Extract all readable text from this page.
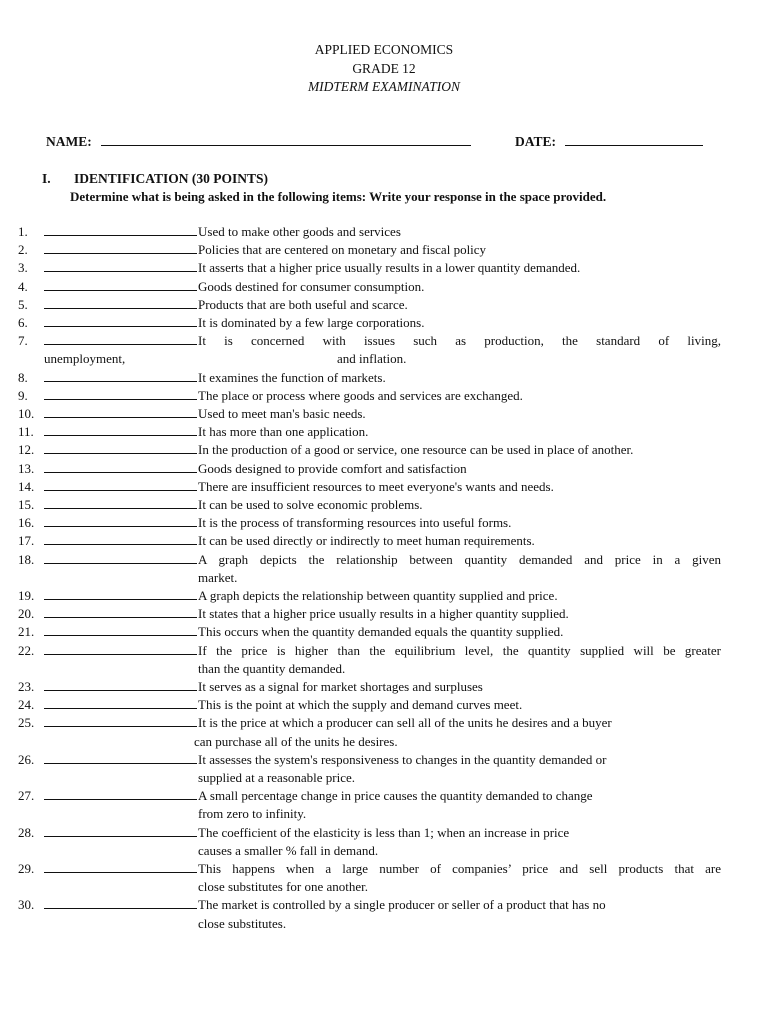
APPLIED ECONOMICS
GRADE 12
MIDTERM EXAMINATION
NAME:	DATE:
I. IDENTIFICATION (30 POINTS)
Determine what is being asked in the following items: Write your response in the space provided.
1.	Used to make other goods and services
2.	Policies that are centered on monetary and fiscal policy
3.	It asserts that a higher price usually results in a lower quantity demanded.
4.	Goods destined for consumer consumption.
5.	Products that are both useful and scarce.
6.	It is dominated by a few large corporations.
7.	It is concerned with issues such as production, the standard of living,
unemployment,	and inflation.
8.	It examines the function of markets.
9.	The place or process where goods and services are exchanged.
10.	Used to meet man's basic needs.
11.	It has more than one application.
12.	In the production of a good or service, one resource can be used in place of another.
13.	Goods designed to provide comfort and satisfaction
14.	There are insufficient resources to meet everyone's wants and needs.
15.	It can be used to solve economic problems.
16.	It is the process of transforming resources into useful forms.
17.	It can be used directly or indirectly to meet human requirements.
18.	A graph depicts the relationship between quantity demanded and price in a given
market.
19.	A graph depicts the relationship between quantity supplied and price.
20.	It states that a higher price usually results in a higher quantity supplied.
21.	This occurs when the quantity demanded equals the quantity supplied.
22.	If the price is higher than the equilibrium level, the quantity supplied will be greater
than the quantity demanded.
23.	It serves as a signal for market shortages and surpluses
24.	This is the point at which the supply and demand curves meet.
25.	It is the price at which a producer can sell all of the units he desires and a buyer
can purchase all of the units he desires.
26.	It assesses the system's responsiveness to changes in the quantity demanded or
supplied at a reasonable price.
27.	A small percentage change in price causes the quantity demanded to change
from zero to infinity.
28.	The coefficient of the elasticity is less than 1; when an increase in price
causes a smaller % fall in demand.
29.	This happens when a large number of companies’ price and sell products that are
close substitutes for one another.
30.	The market is controlled by a single producer or seller of a product that has no
close substitutes.
